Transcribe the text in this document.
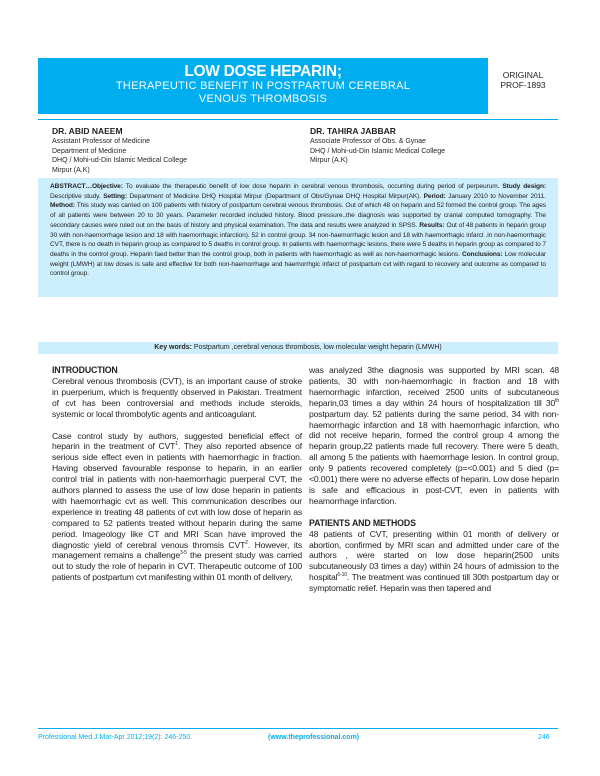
LOW DOSE HEPARIN;
THERAPEUTIC BENEFIT IN POSTPARTUM CEREBRAL
VENOUS THROMBOSIS
ORIGINAL
PROF-1893
DR. ABID NAEEM
Assistant Professor of Medicine
Department of Medicine
DHQ / Mohi-ud-Din Islamic Medical College
Mirpur (A.K)
DR. TAHIRA JABBAR
Associate Professor of Obs. & Gynae
DHQ / Mohi-ud-Din Islamic Medical College
Mirpur (A.K)
ABSTRACT…Objective: To evaluate the therapeutic benefit of low dose heparin in cerebral venous thrombosis, occurring during period of perpeurum. Study design: Descriptive study. Setting: Department of Medicine DHQ Hospital Mirpur (Department of Obs/Gynae DHQ Hospital Mirpur(AK). Period: January 2010 to November 2011. Method: This study was carried on 100 patients with history of postpartum cerebral venous thrombosis. Out of which 48 on heparin and 52 formed the control group. The ages of all patients were between 20 to 30 years. Parameter recorded included history. Blood pressure.,the diagnosis was supported by cranial computed tomography. The secondary causes were ruled out on the basis of history and physical examination. The data and results were analyzed in SPSS. Results: Out of 48 patients in heparin group 30 with non-haemorrhage lesion and 18 with haemorrhagic infarction). 52 in control group. 34 non-haemorrhagic lesion and 18 with haemorrhagic infarct .in non-haemorrhagic CVT, there is no death in heparin group as compared to 5 deaths in control group. In patients with haemorrhagic lesions, there were 5 deaths in heparin group as compared to 7 deaths in the control group. Heparin faed better than the control group, both in patients with haemorrhagic as well as non-haemorrhagic lesions. Conclusions: Low molecular weight (LMWH) at low doses is safe and effective for both non-haemorrhage and haemorrhgic infarct of postpartum cvt with regard to recovery and outcome as compared to control group.
Key words: Postpartum ,cerebral venous thrombosis, low molecular weight heparin (LMWH)
INTRODUCTION

Cerebral venous thrombosis (CVT), is an important cause of stroke in puerperium, which is frequently observed in Pakistan. Treatment of cvt has been controversial and methods include steroids, systemic or local thrombolytic agents and anticoagulant.

Case control study by authors, suggested beneficial effect of heparin in the treatment of CVT$^1$. They also reported absence of serious side effect even in patients with haemorrhagic in fraction. Having observed favourable response to heparin, in an earlier control trial in patients with non-haemorrhagic puerperal CVT, the authors planned to assess the use of low dose heparin in patients with haemorrhagic cvt as well. This communication describes our experience in treating 48 patients of cvt with low dose of heparin as compared to 52 patients treated without heparin during the same period. Imageology like CT and MRI Scan have improved the diagnostic yield of cerebral venous thromsis CVT$^2$. However, its management remains a challenge$^{3-5}$ the present study was carried out to study the role of heparin in CVT. Therapeutic outcome of 100 patients of postpartum cvt manifesting within 01 month of delivery,

was analyzed 3the diagnosis was supported by MRI scan. 48 patients, 30 with non-haemorrhagic in fraction and 18 with haemorrhagic infarction, received 2500 units of subcutaneous heparin,03 times a day within 24 hours of hospitalization till 30th postpartum day. 52 patients during the same period, 34 with non- haemorrhagic infarction and 18 with haemorrhagic infarction, who did not receive heparin, formed the control group 4 among the heparin group,22 patients made full recovery. There were 5 death, all among 5 the patients with haemorrhage lesion. In control group, only 9 patients recovered completely (p=<0.001) and 5 died (p=<0.001) there were no adverse effects of heparin. Low dose heparin is safe and efficacious in post-CVT, even in patients with heamorrhage infarction.

PATIENTS AND METHODS

48 patients of CVT, presenting within 01 month of delivery or abortion, confirmed by MRI scan and admitted under care of the authors , were started on low dose heparin(2500 units subcutaneously 03 times a day) within 24 hours of admission to the hospital$^{6-10}$. The treatment was continued till 30th postpartum day or symptomatic relief. Heparin was then tapered and

Professional Med J Mar-Apr 2012;19(2): 246-250.	(www.theprofessional.com)	246
